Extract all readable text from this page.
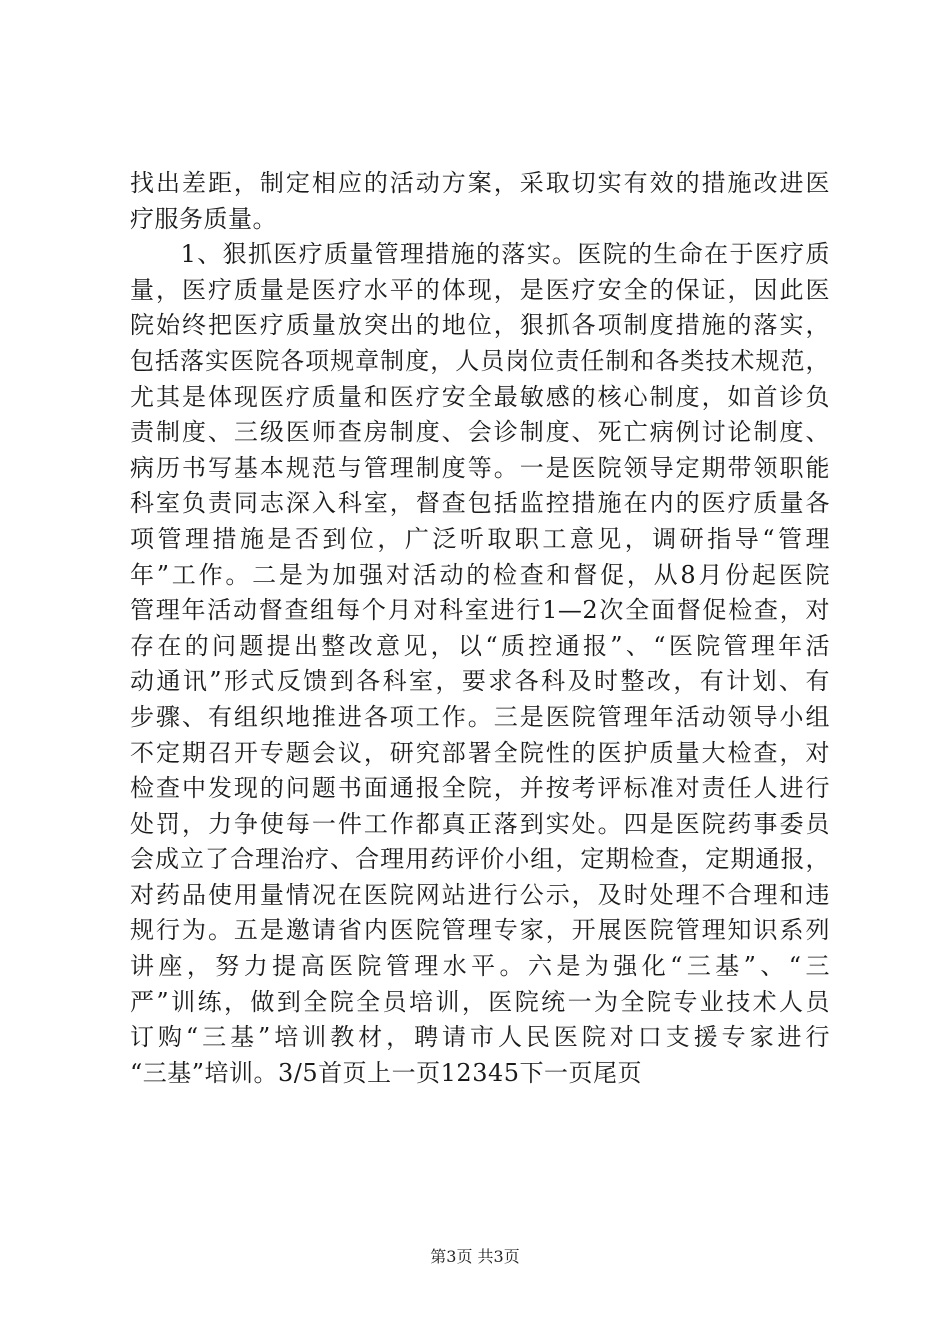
找出差距，制定相应的活动方案，采取切实有效的措施改进医
疗服务质量。
　　1、狠抓医疗质量管理措施的落实。医院的生命在于医疗质
量，医疗质量是医疗水平的体现，是医疗安全的保证，因此医
院始终把医疗质量放突出的地位，狠抓各项制度措施的落实，
包括落实医院各项规章制度，人员岗位责任制和各类技术规范，
尤其是体现医疗质量和医疗安全最敏感的核心制度，如首诊负
责制度、三级医师查房制度、会诊制度、死亡病例讨论制度、
病历书写基本规范与管理制度等。一是医院领导定期带领职能
科室负责同志深入科室，督查包括监控措施在内的医疗质量各
项管理措施是否到位，广泛听取职工意见，调研指导“管理
年”工作。二是为加强对活动的检查和督促，从8月份起医院
管理年活动督查组每个月对科室进行1—2次全面督促检查，对
存在的问题提出整改意见，以“质控通报”、“医院管理年活
动通讯”形式反馈到各科室，要求各科及时整改，有计划、有
步骤、有组织地推进各项工作。三是医院管理年活动领导小组
不定期召开专题会议，研究部署全院性的医护质量大检查，对
检查中发现的问题书面通报全院，并按考评标准对责任人进行
处罚，力争使每一件工作都真正落到实处。四是医院药事委员
会成立了合理治疗、合理用药评价小组，定期检查，定期通报，
对药品使用量情况在医院网站进行公示，及时处理不合理和违
规行为。五是邀请省内医院管理专家，开展医院管理知识系列
讲座，努力提高医院管理水平。六是为强化“三基”、“三
严”训练，做到全院全员培训，医院统一为全院专业技术人员
订购“三基”培训教材，聘请市人民医院对口支援专家进行
“三基”培训。3/5首页上一页12345下一页尾页
第3页 共3页
